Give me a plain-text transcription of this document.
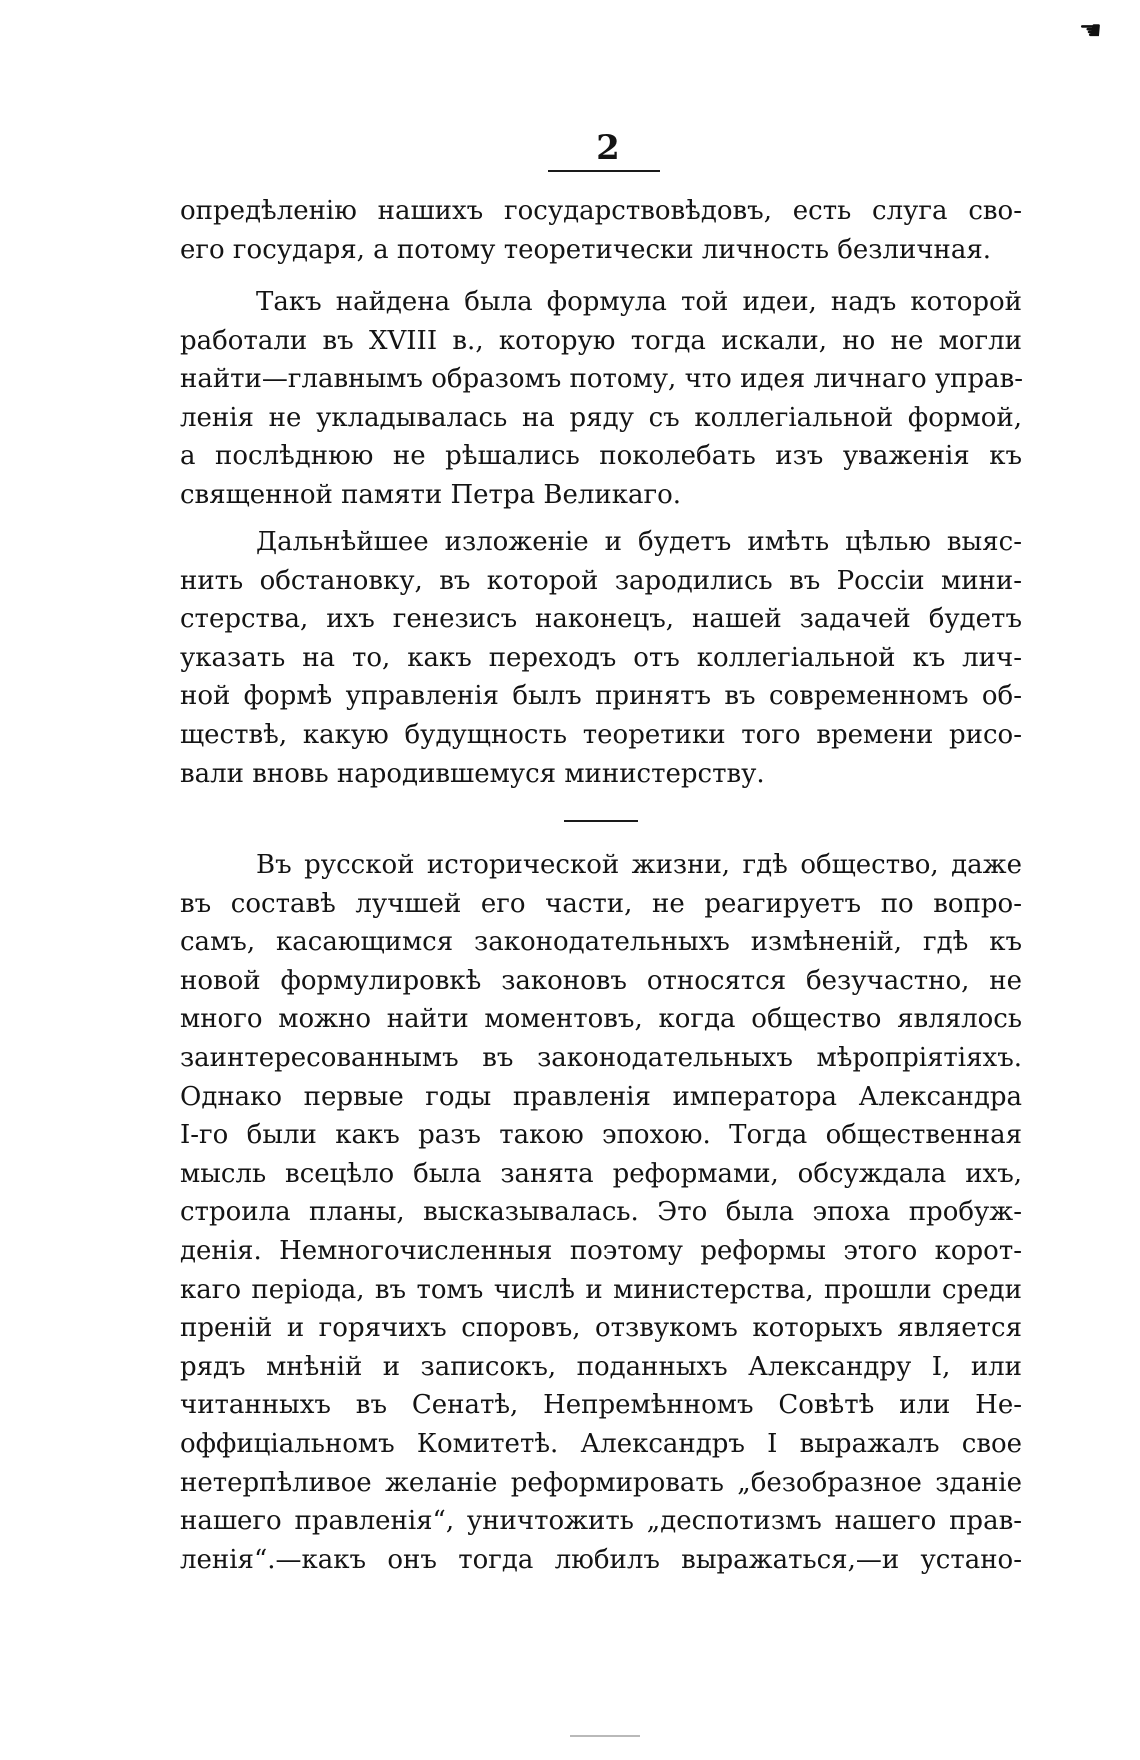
☚
2
опредѣленію нашихъ государствовѣдовъ, есть слуга сво-
его государя, а потому теоретически личность безличная.
Такъ найдена была формула той идеи, надъ которой
работали въ XVIII в., которую тогда искали, но не могли
найти—главнымъ образомъ потому, что идея личнаго управ-
ленія не укладывалась на ряду съ коллегіальной формой,
а послѣднюю не рѣшались поколебать изъ уваженія къ
священной памяти Петра Великаго.
Дальнѣйшее изложеніе и будетъ имѣть цѣлью выяс-
нить обстановку, въ которой зародились въ Россіи мини-
стерства, ихъ генезисъ наконецъ, нашей задачей будетъ
указать на то, какъ переходъ отъ коллегіальной къ лич-
ной формѣ управленія былъ принятъ въ современномъ об-
ществѣ, какую будущность теоретики того времени рисо-
вали вновь народившемуся министерству.
Въ русской исторической жизни, гдѣ общество, даже
въ составѣ лучшей его части, не реагируетъ по вопро-
самъ, касающимся законодательныхъ измѣненій, гдѣ къ
новой формулировкѣ законовъ относятся безучастно, не
много можно найти моментовъ, когда общество являлось
заинтересованнымъ въ законодательныхъ мѣропріятіяхъ.
Однако первые годы правленія императора Александра
I-го были какъ разъ такою эпохою. Тогда общественная
мысль всецѣло была занята реформами, обсуждала ихъ,
строила планы, высказывалась. Это была эпоха пробуж-
денія. Немногочисленныя поэтому реформы этого корот-
каго періода, въ томъ числѣ и министерства, прошли среди
преній и горячихъ споровъ, отзвукомъ которыхъ является
рядъ мнѣній и записокъ, поданныхъ Александру I, или
читанныхъ въ Сенатѣ, Непремѣнномъ Совѣтѣ или Не-
оффиціальномъ Комитетѣ. Александръ I выражалъ свое
нетерпѣливое желаніе реформировать „безобразное зданіе
нашего правленія“, уничтожить „деспотизмъ нашего прав-
ленія“.—какъ онъ тогда любилъ выражаться,—и устано-
